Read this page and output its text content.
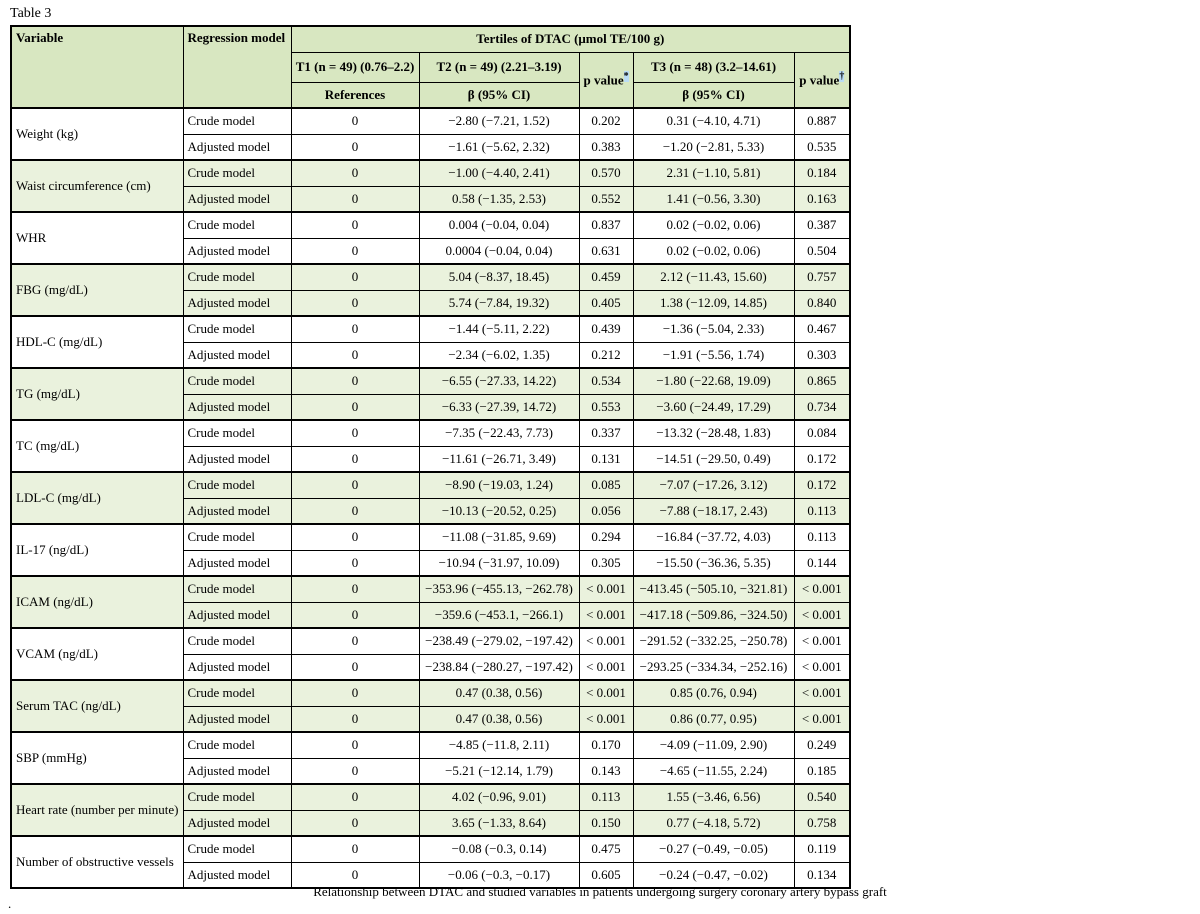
Table 3
Variable	Regression model	Tertiles of DTAC (μmol TE/100 g)				
		T1 (n = 49) (0.76–2.2)	T2 (n = 49) (2.21–3.19)	p value*	T3 (n = 48) (3.2–14.61)	p value†
		References	β (95% CI)		β (95% CI)	
Weight (kg)	Crude model	0	−2.80 (−7.21, 1.52)	0.202	0.31 (−4.10, 4.71)	0.887
	Adjusted model	0	−1.61 (−5.62, 2.32)	0.383	−1.20 (−2.81, 5.33)	0.535
Waist circumference (cm)	Crude model	0	−1.00 (−4.40, 2.41)	0.570	2.31 (−1.10, 5.81)	0.184
	Adjusted model	0	0.58 (−1.35, 2.53)	0.552	1.41 (−0.56, 3.30)	0.163
WHR	Crude model	0	0.004 (−0.04, 0.04)	0.837	0.02 (−0.02, 0.06)	0.387
	Adjusted model	0	0.0004 (−0.04, 0.04)	0.631	0.02 (−0.02, 0.06)	0.504
FBG (mg/dL)	Crude model	0	5.04 (−8.37, 18.45)	0.459	2.12 (−11.43, 15.60)	0.757
	Adjusted model	0	5.74 (−7.84, 19.32)	0.405	1.38 (−12.09, 14.85)	0.840
HDL-C (mg/dL)	Crude model	0	−1.44 (−5.11, 2.22)	0.439	−1.36 (−5.04, 2.33)	0.467
	Adjusted model	0	−2.34 (−6.02, 1.35)	0.212	−1.91 (−5.56, 1.74)	0.303
TG (mg/dL)	Crude model	0	−6.55 (−27.33, 14.22)	0.534	−1.80 (−22.68, 19.09)	0.865
	Adjusted model	0	−6.33 (−27.39, 14.72)	0.553	−3.60 (−24.49, 17.29)	0.734
TC (mg/dL)	Crude model	0	−7.35 (−22.43, 7.73)	0.337	−13.32 (−28.48, 1.83)	0.084
	Adjusted model	0	−11.61 (−26.71, 3.49)	0.131	−14.51 (−29.50, 0.49)	0.172
LDL-C (mg/dL)	Crude model	0	−8.90 (−19.03, 1.24)	0.085	−7.07 (−17.26, 3.12)	0.172
	Adjusted model	0	−10.13 (−20.52, 0.25)	0.056	−7.88 (−18.17, 2.43)	0.113
IL-17 (ng/dL)	Crude model	0	−11.08 (−31.85, 9.69)	0.294	−16.84 (−37.72, 4.03)	0.113
	Adjusted model	0	−10.94 (−31.97, 10.09)	0.305	−15.50 (−36.36, 5.35)	0.144
ICAM (ng/dL)	Crude model	0	−353.96 (−455.13, −262.78)	< 0.001	−413.45 (−505.10, −321.81)	< 0.001
	Adjusted model	0	−359.6 (−453.1, −266.1)	< 0.001	−417.18 (−509.86, −324.50)	< 0.001
VCAM (ng/dL)	Crude model	0	−238.49 (−279.02, −197.42)	< 0.001	−291.52 (−332.25, −250.78)	< 0.001
	Adjusted model	0	−238.84 (−280.27, −197.42)	< 0.001	−293.25 (−334.34, −252.16)	< 0.001
Serum TAC (ng/dL)	Crude model	0	0.47 (0.38, 0.56)	< 0.001	0.85 (0.76, 0.94)	< 0.001
	Adjusted model	0	0.47 (0.38, 0.56)	< 0.001	0.86 (0.77, 0.95)	< 0.001
SBP (mmHg)	Crude model	0	−4.85 (−11.8, 2.11)	0.170	−4.09 (−11.09, 2.90)	0.249
	Adjusted model	0	−5.21 (−12.14, 1.79)	0.143	−4.65 (−11.55, 2.24)	0.185
Heart rate (number per minute)	Crude model	0	4.02 (−0.96, 9.01)	0.113	1.55 (−3.46, 6.56)	0.540
	Adjusted model	0	3.65 (−1.33, 8.64)	0.150	0.77 (−4.18, 5.72)	0.758
Number of obstructive vessels	Crude model	0	−0.08 (−0.3, 0.14)	0.475	−0.27 (−0.49, −0.05)	0.119
	Adjusted model	0	−0.06 (−0.3, −0.17)	0.605	−0.24 (−0.47, −0.02)	0.134
Relationship between DTAC and studied variables in patients undergoing surgery coronary artery bypass graft
.
